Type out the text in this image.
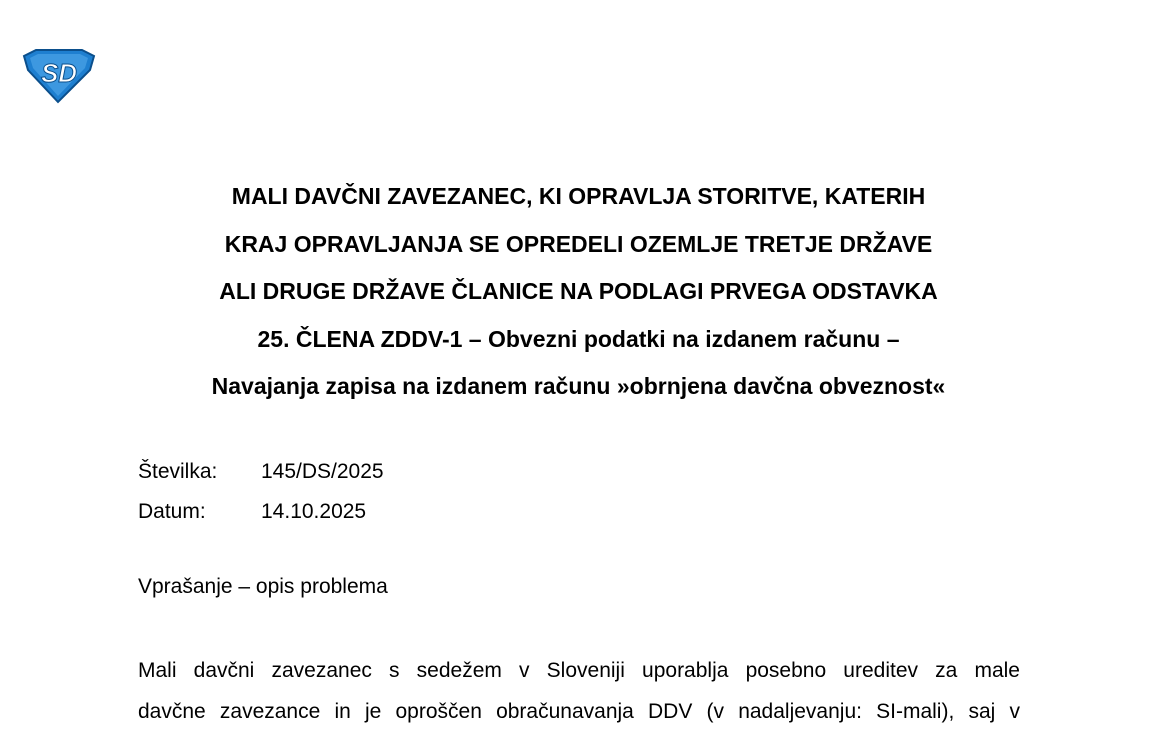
SD
MALI DAVČNI ZAVEZANEC, KI OPRAVLJA STORITVE, KATERIH
KRAJ OPRAVLJANJA SE OPREDELI OZEMLJE TRETJE DRŽAVE
ALI DRUGE DRŽAVE ČLANICE NA PODLAGI PRVEGA ODSTAVKA
25. ČLENA ZDDV-1 – Obvezni podatki na izdanem računu –
Navajanja zapisa na izdanem računu »obrnjena davčna obveznost«
Številka:	145/DS/2025
Datum:	14.10.2025
Vprašanje – opis problema
Mali davčni zavezanec s sedežem v Sloveniji uporablja posebno ureditev za male
davčne zavezance in je oproščen obračunavanja DDV (v nadaljevanju: SI-mali), saj v
